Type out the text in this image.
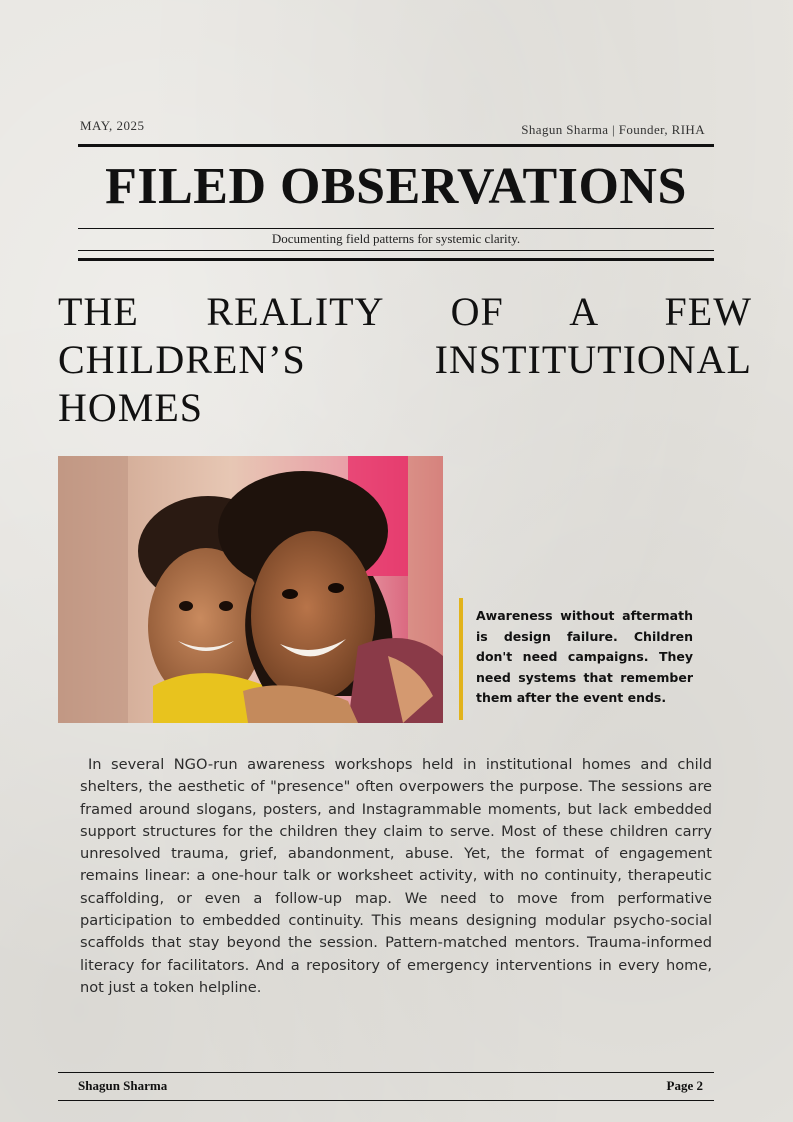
MAY, 2025	Shagun Sharma | Founder, RIHA
FILED OBSERVATIONS
Documenting field patterns for systemic clarity.
THE REALITY OF A FEW CHILDREN’S INSTITUTIONAL HOMES
Awareness without aftermath is design failure. Children don't need campaigns. They need systems that remember them after the event ends.
In several NGO-run awareness workshops held in institutional homes and child shelters, the aesthetic of "presence" often overpowers the purpose. The sessions are framed around slogans, posters, and Instagrammable moments, but lack embedded support structures for the children they claim to serve. Most of these children carry unresolved trauma, grief, abandonment, abuse. Yet, the format of engagement remains linear: a one-hour talk or worksheet activity, with no continuity, therapeutic scaffolding, or even a follow-up map. We need to move from performative participation to embedded continuity. This means designing modular psycho-social scaffolds that stay beyond the session. Pattern-matched mentors. Trauma-informed literacy for facilitators. And a repository of emergency interventions in every home, not just a token helpline.
Shagun Sharma	Page 2
